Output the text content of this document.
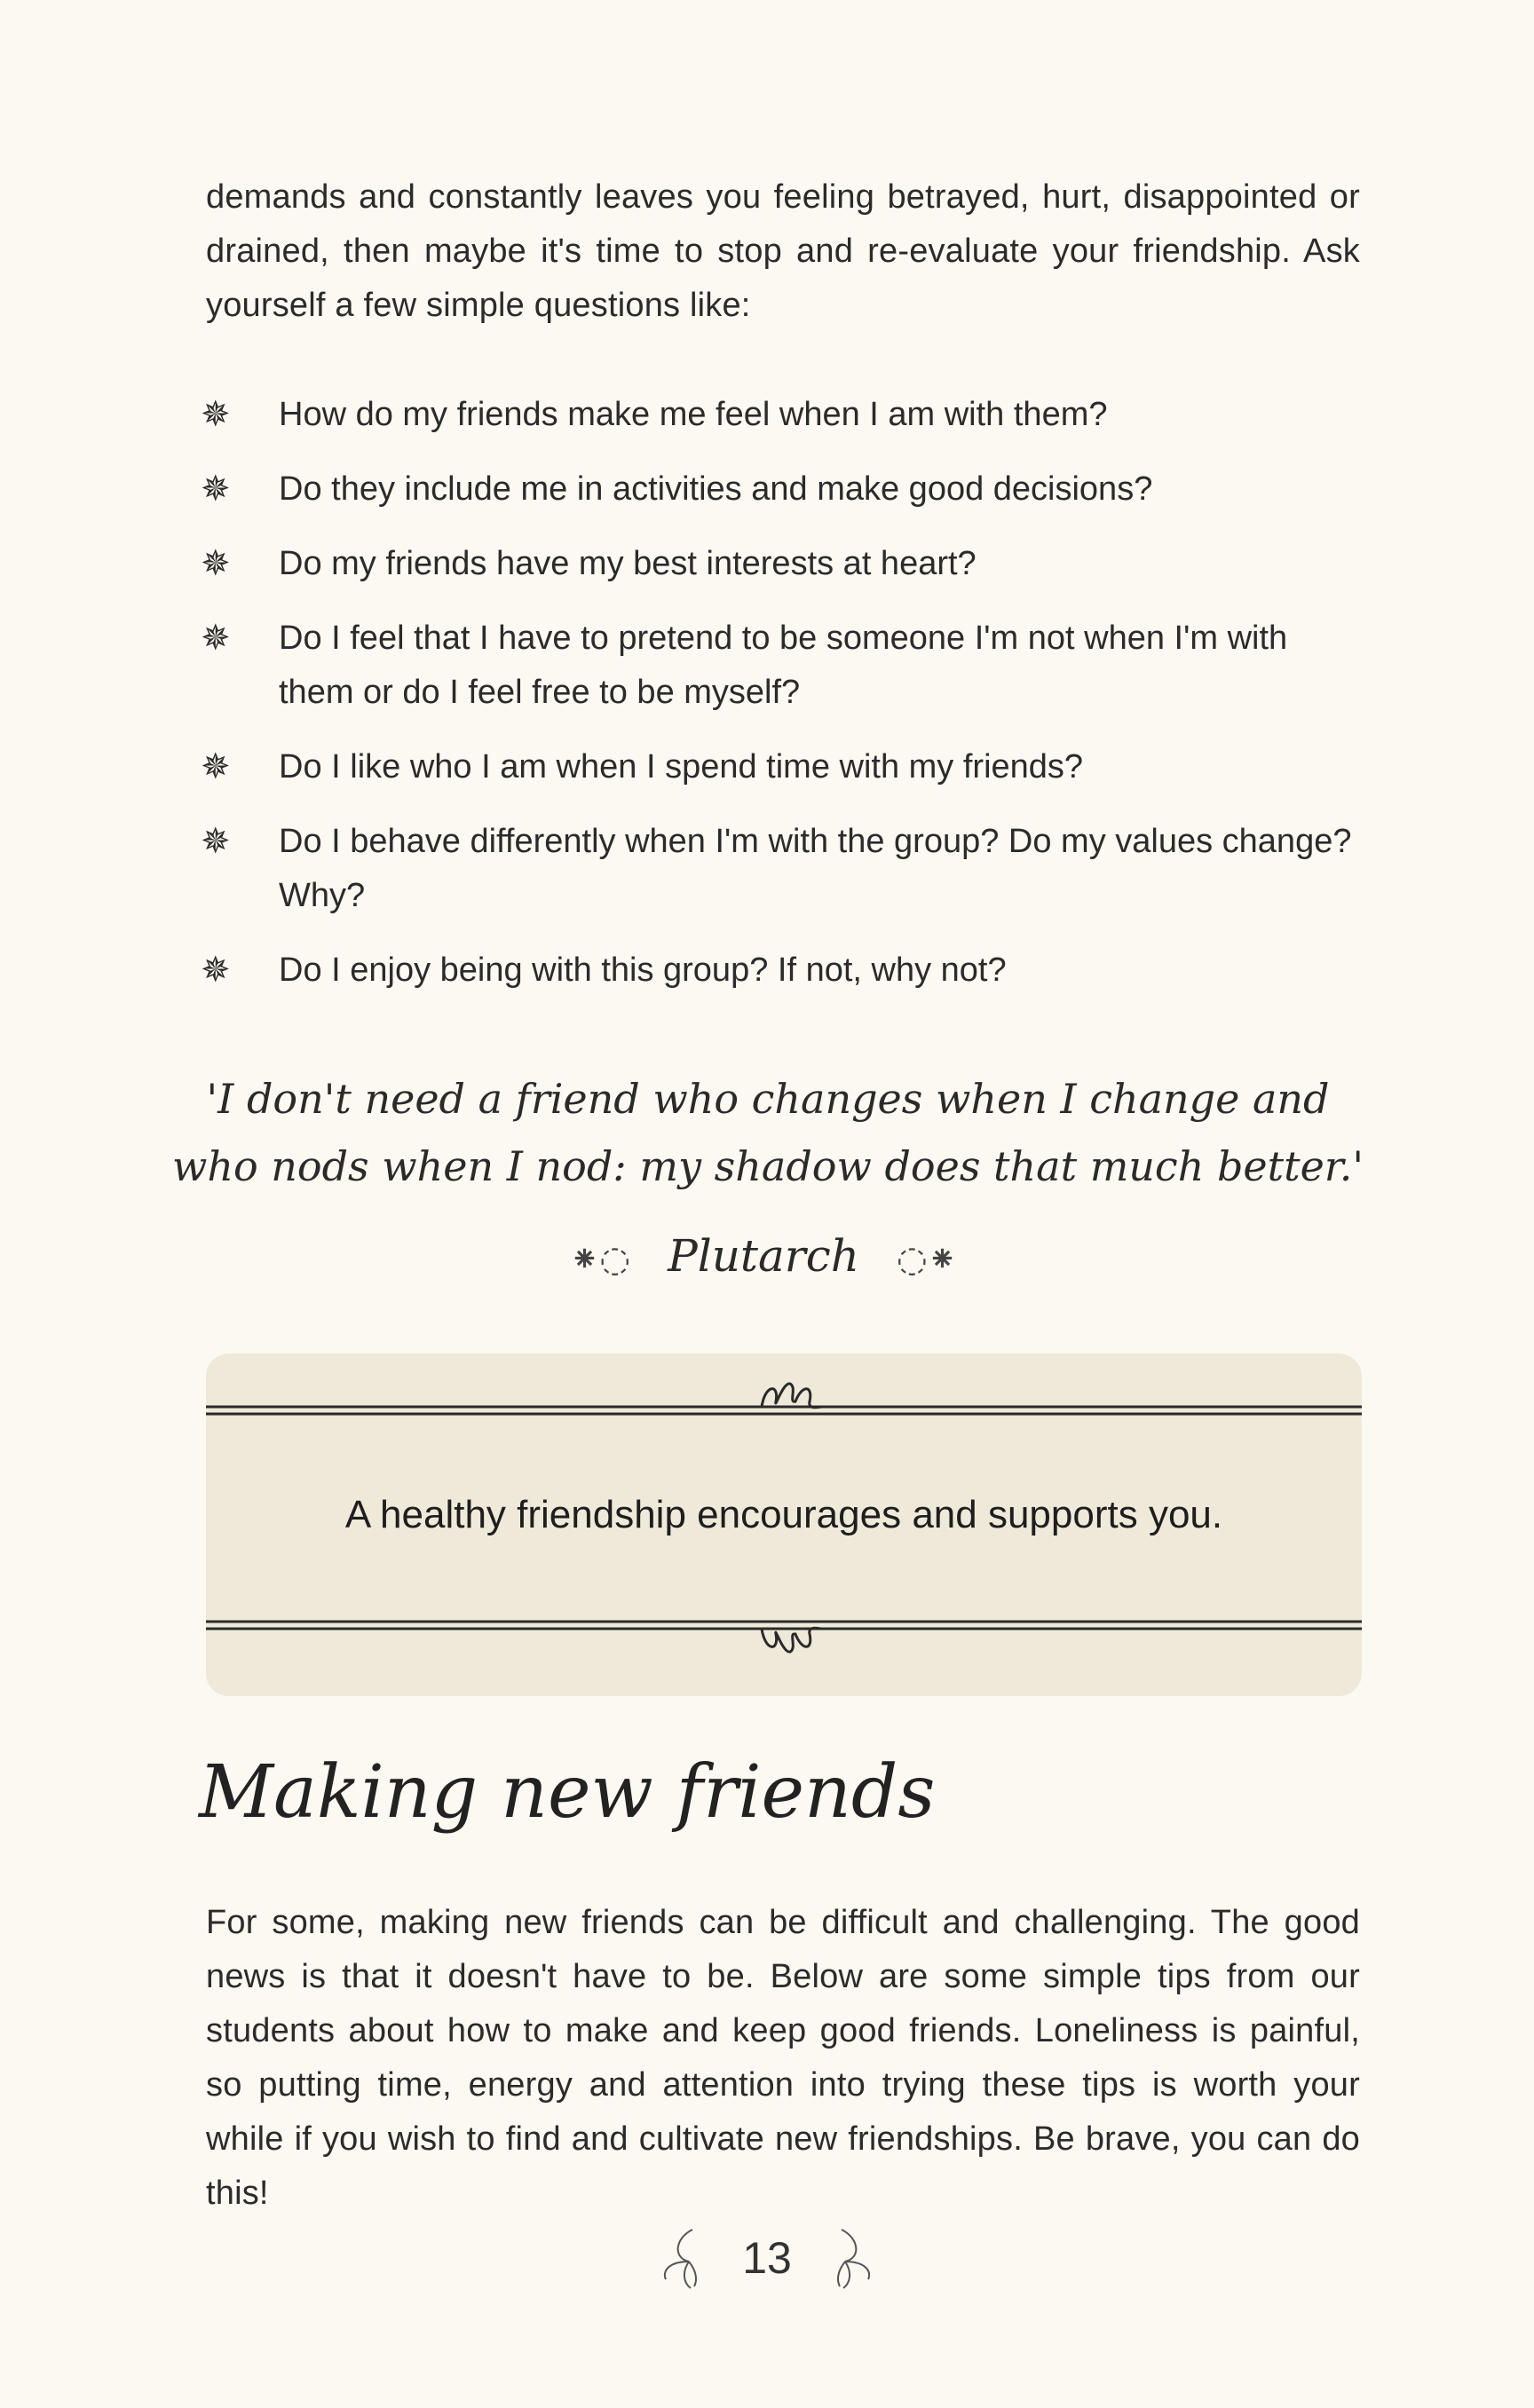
demands and constantly leaves you feeling betrayed, hurt, disappointed or drained, then maybe it's time to stop and re-evaluate your friendship. Ask yourself a few simple questions like:

✵ How do my friends make me feel when I am with them?
✵ Do they include me in activities and make good decisions?
✵ Do my friends have my best interests at heart?
✵ Do I feel that I have to pretend to be someone I'm not when I'm with them or do I feel free to be myself?
✵ Do I like who I am when I spend time with my friends?
✵ Do I behave differently when I'm with the group? Do my values change? Why?
✵ Do I enjoy being with this group? If not, why not?
'I don't need a friend who changes when I change and
who nods when I nod: my shadow does that much better.'
⁕◌ Plutarch ◌⁕
A healthy friendship encourages and supports you.
Making new friends

For some, making new friends can be difficult and challenging. The good news is that it doesn't have to be. Below are some simple tips from our students about how to make and keep good friends. Loneliness is painful, so putting time, energy and attention into trying these tips is worth your while if you wish to find and cultivate new friendships. Be brave, you can do this!

13
